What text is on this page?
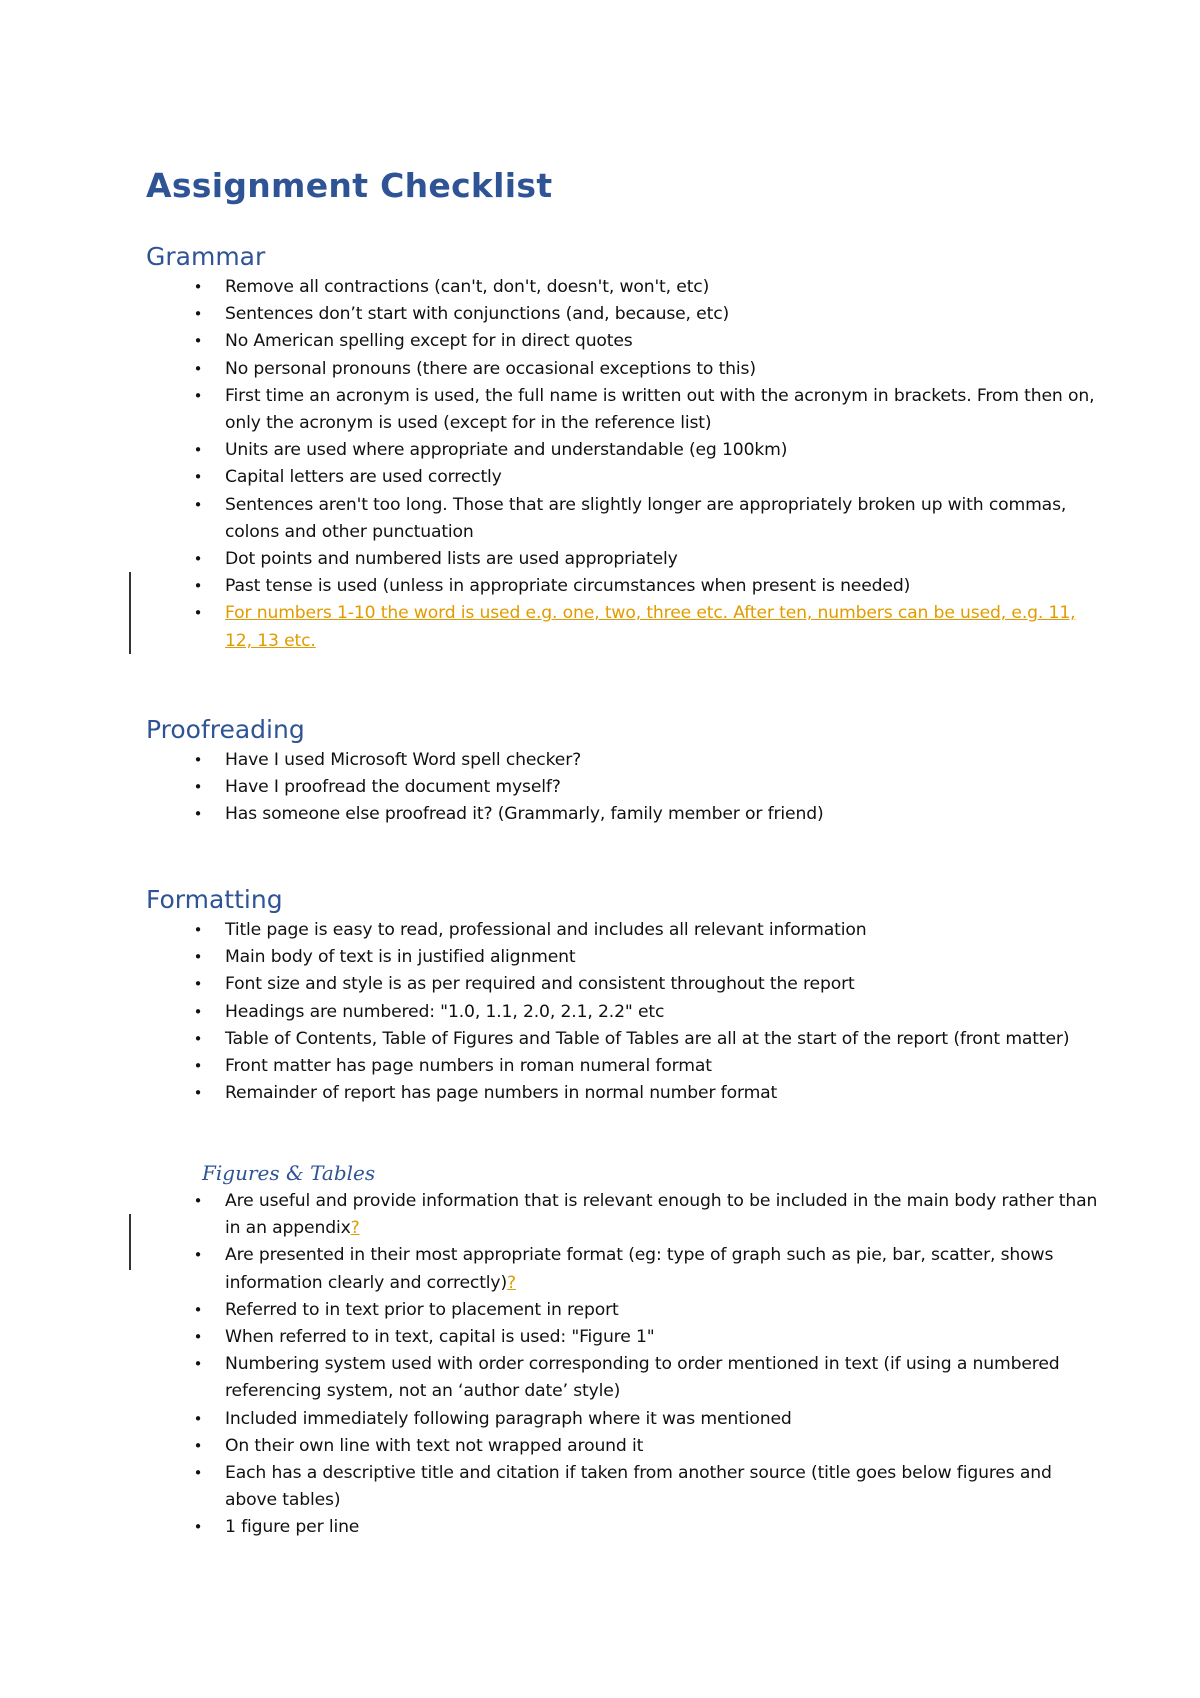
Assignment Checklist
Grammar
•	Remove all contractions (can't, don't, doesn't, won't, etc)
•	Sentences don’t start with conjunctions (and, because, etc)
•	No American spelling except for in direct quotes
•	No personal pronouns (there are occasional exceptions to this)
•	First time an acronym is used, the full name is written out with the acronym in brackets. From then on, only the acronym is used (except for in the reference list)
•	Units are used where appropriate and understandable (eg 100km)
•	Capital letters are used correctly
•	Sentences aren't too long. Those that are slightly longer are appropriately broken up with commas, colons and other punctuation
•	Dot points and numbered lists are used appropriately
•	Past tense is used (unless in appropriate circumstances when present is needed)
•	For numbers 1-10 the word is used e.g. one, two, three etc. After ten, numbers can be used, e.g. 11, 12, 13 etc.
Proofreading
•	Have I used Microsoft Word spell checker?
•	Have I proofread the document myself?
•	Has someone else proofread it? (Grammarly, family member or friend)
Formatting
•	Title page is easy to read, professional and includes all relevant information
•	Main body of text is in justified alignment
•	Font size and style is as per required and consistent throughout the report
•	Headings are numbered: "1.0, 1.1, 2.0, 2.1, 2.2" etc
•	Table of Contents, Table of Figures and Table of Tables are all at the start of the report (front matter)
•	Front matter has page numbers in roman numeral format
•	Remainder of report has page numbers in normal number format
Figures & Tables
•	Are useful and provide information that is relevant enough to be included in the main body rather than in an appendix?
•	Are presented in their most appropriate format (eg: type of graph such as pie, bar, scatter, shows information clearly and correctly)?
•	Referred to in text prior to placement in report
•	When referred to in text, capital is used: "Figure 1"
•	Numbering system used with order corresponding to order mentioned in text (if using a numbered referencing system, not an ‘author date’ style)
•	Included immediately following paragraph where it was mentioned
•	On their own line with text not wrapped around it
•	Each has a descriptive title and citation if taken from another source (title goes below figures and above tables)
•	1 figure per line
